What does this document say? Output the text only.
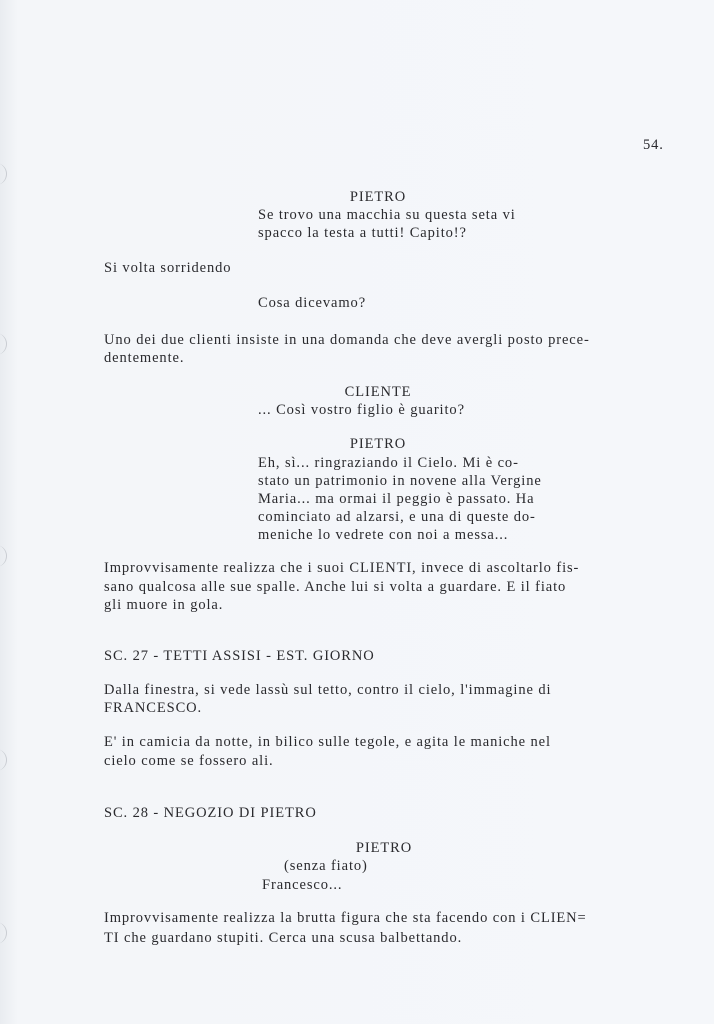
54.
PIETRO
Se trovo una macchia su questa seta vi
spacco la testa a tutti! Capito!?
Si volta sorridendo
Cosa dicevamo?
Uno dei due clienti insiste in una domanda che deve avergli posto prece-
dentemente.
CLIENTE
... Così vostro figlio è guarito?
PIETRO
Eh, sì... ringraziando il Cielo. Mi è co-
stato un patrimonio in novene alla Vergine
Maria... ma ormai il peggio è passato. Ha
cominciato ad alzarsi, e una di queste do-
meniche lo vedrete con noi a messa...
Improvvisamente realizza che i suoi CLIENTI, invece di ascoltarlo fis-
sano qualcosa alle sue spalle. Anche lui si volta a guardare. E il fiato
gli muore in gola.
SC. 27 - TETTI ASSISI - EST. GIORNO
Dalla finestra, si vede lassù sul tetto, contro il cielo, l'immagine di
FRANCESCO.
E' in camicia da notte, in bilico sulle tegole, e agita le maniche nel
cielo come se fossero ali.
SC. 28 - NEGOZIO DI PIETRO
PIETRO
(senza fiato)
Francesco...
Improvvisamente realizza la brutta figura che sta facendo con i CLIEN=
TI che guardano stupiti. Cerca una scusa balbettando.
